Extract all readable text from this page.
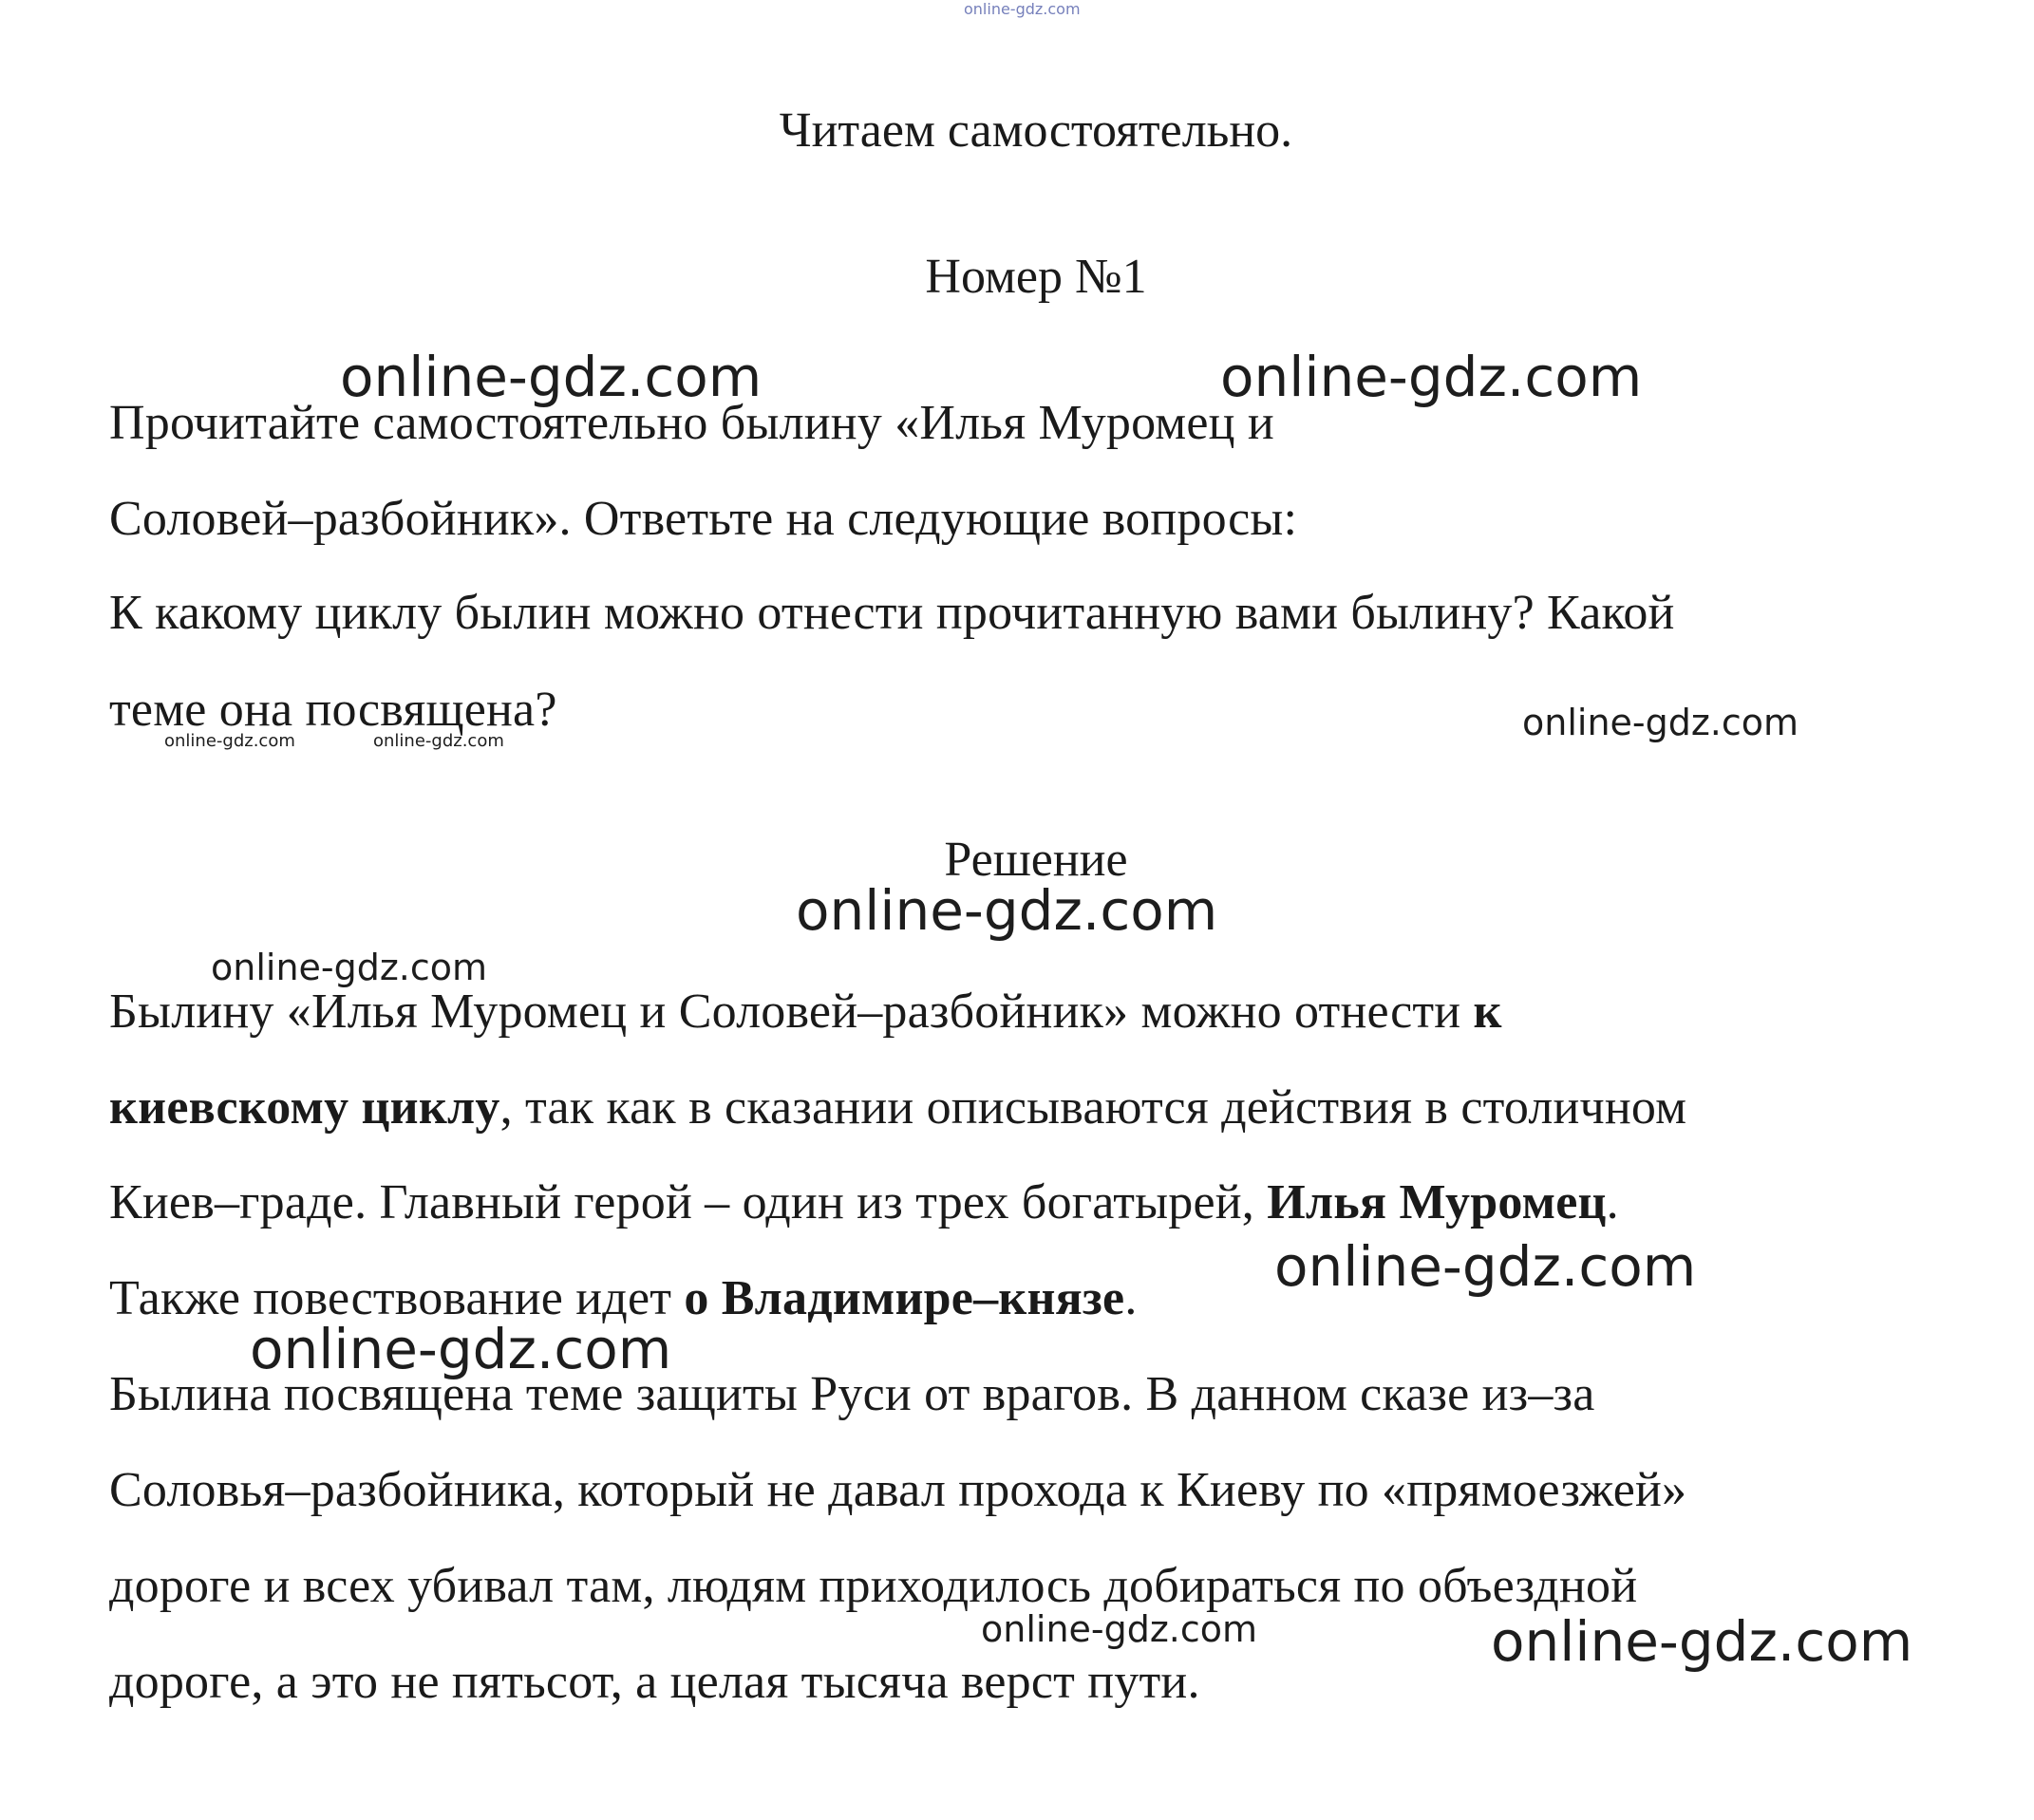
online-gdz.com
Читаем самостоятельно.
Номер №1
Прочитайте самостоятельно былину «Илья Муромец и
Соловей–разбойник». Ответьте на следующие вопросы:
К какому циклу былин можно отнести прочитанную вами былину? Какой
теме она посвящена?
Решение
Былину «Илья Муромец и Соловей–разбойник» можно отнести к
киевскому циклу, так как в сказании описываются действия в столичном
Киев–граде. Главный герой – один из трех богатырей, Илья Муромец.
Также повествование идет о Владимире–князе.
Былина посвящена теме защиты Руси от врагов. В данном сказе из–за
Соловья–разбойника, который не давал прохода к Киеву по «прямоезжей»
дороге и всех убивал там, людям приходилось добираться по объездной
дороге, а это не пятьсот, а целая тысяча верст пути.
online-gdz.com	online-gdz.com
online-gdz.com	online-gdz.com	online-gdz.com
online-gdz.com
online-gdz.com
online-gdz.com
online-gdz.com
online-gdz.com	online-gdz.com
